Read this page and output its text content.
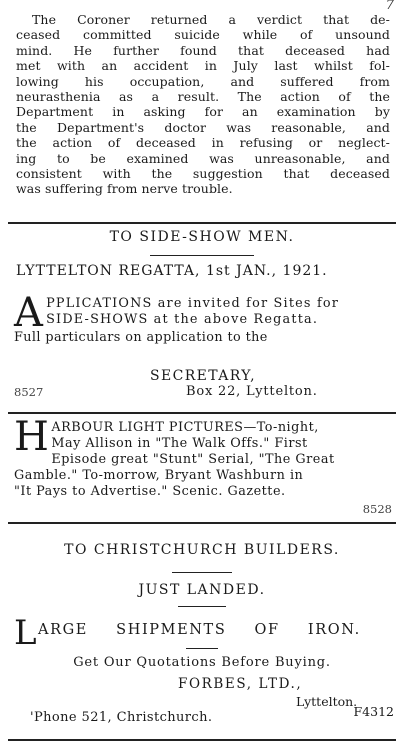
7
The Coroner returned a verdict that de-
ceased committed suicide while of unsound
mind. He further found that deceased had
met with an accident in July last whilst fol-
lowing his occupation, and suffered from
neurasthenia as a result. The action of the
Department in asking for an examination by
the Department's doctor was reasonable, and
the action of deceased in refusing or neglect-
ing to be examined was unreasonable, and
consistent with the suggestion that deceased
was suffering from nerve trouble.
TO SIDE-SHOW MEN.
LYTTELTON REGATTA, 1st JAN., 1921.
A PPLICATIONS are invited for Sites for
SIDE-SHOWS at the above Regatta.
Full particulars on application to the
SECRETARY,
8527	Box 22, Lyttelton.
H ARBOUR LIGHT PICTURES—To-night,
May Allison in "The Walk Offs." First
Episode great "Stunt" Serial, "The Great
Gamble." To-morrow, Bryant Washburn in
"It Pays to Advertise." Scenic. Gazette.
8528
TO CHRISTCHURCH BUILDERS.
JUST LANDED.
L ARGE SHIPMENTS OF IRON.
Get Our Quotations Before Buying.
FORBES, LTD.,
Lyttelton.
'Phone 521, Christchurch.	F4312
